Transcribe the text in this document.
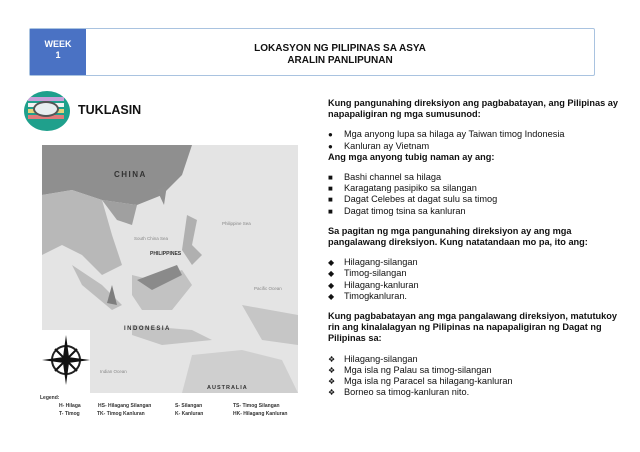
WEEK
1
LOKASYON NG PILIPINAS SA ASYA
ARALIN PANLIPUNAN
TUKLASIN
CHINA
PHILIPPINES
INDONESIA
AUSTRALIA
South China Sea
Philippine Sea
Pacific Ocean
Indian Ocean
Legend:
H- Hilaga	HS- Hilagang Silangan	S- Silangan	TS- Timog Silangan
T- Timog	TK- Timog Kanluran	K- Kanluran	HK- Hilagang Kanluran

Kung pangunahing direksiyon ang pagbabatayan, ang Pilipinas ay napapaligiran ng mga sumusunod:

●	Mga anyong lupa sa hilaga ay Taiwan timog Indonesia
●	Kanluran ay Vietnam

Ang mga anyong tubig naman ay ang:

■	Bashi channel sa hilaga
■	Karagatang pasipiko sa silangan
■	Dagat Celebes at dagat sulu sa timog
■	Dagat timog tsina sa kanluran

Sa pagitan ng mga pangunahing direksiyon ay ang mga pangalawang direksiyon. Kung natatandaan mo pa, ito ang:

◆	Hilagang-silangan
◆	Timog-silangan
◆	Hilagang-kanluran
◆	Timogkanluran.

Kung pagbabatayan ang mga pangalawang direksiyon, matutukoy rin ang kinalalagyan ng Pilipinas na napapaligiran ng Dagat ng Pilipinas sa:

❖ Hilagang-silangan
❖ Mga isla ng Palau sa timog-silangan
❖ Mga isla ng Paracel sa hilagang-kanluran
❖ Borneo sa timog-kanluran nito.
